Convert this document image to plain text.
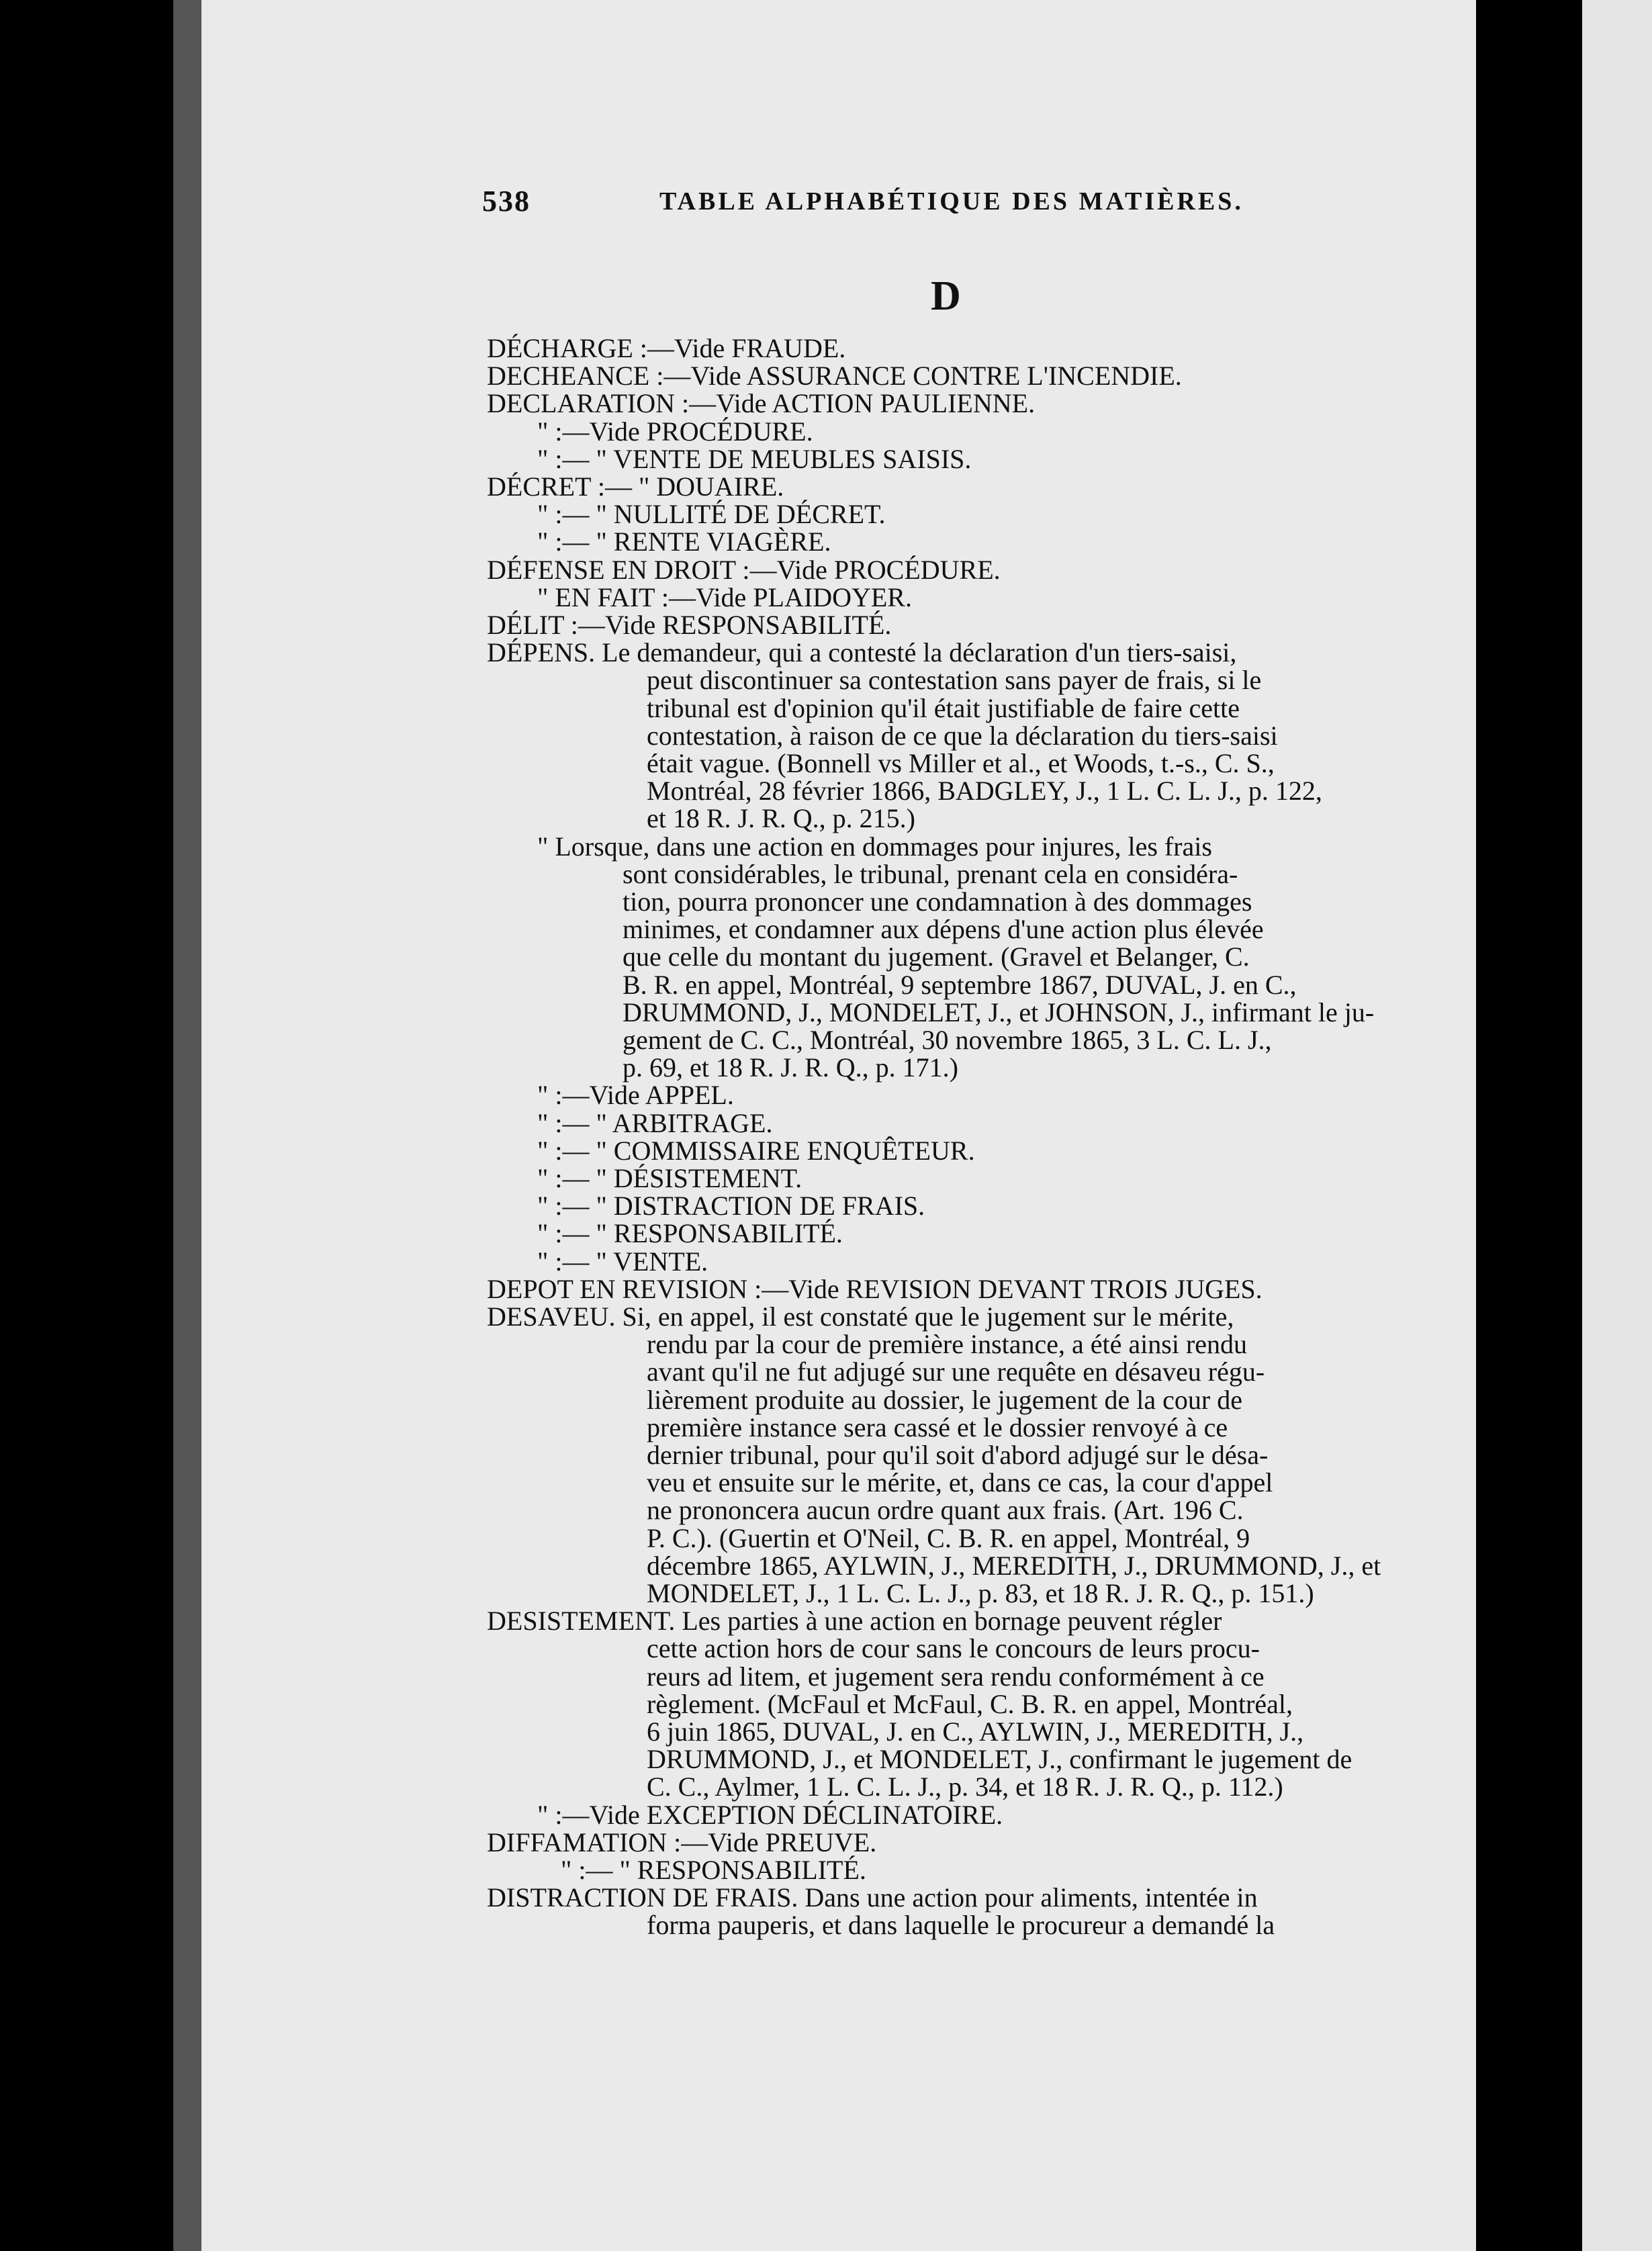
538	TABLE ALPHABÉTIQUE DES MATIÈRES.
D
DÉCHARGE :—Vide FRAUDE.
DECHEANCE :—Vide ASSURANCE CONTRE L'INCENDIE.
DECLARATION :—Vide ACTION PAULIENNE.
" :—Vide PROCÉDURE.
" :— " VENTE DE MEUBLES SAISIS.
DÉCRET :— " DOUAIRE.
" :— " NULLITÉ DE DÉCRET.
" :— " RENTE VIAGÈRE.
DÉFENSE EN DROIT :—Vide PROCÉDURE.
" EN FAIT :—Vide PLAIDOYER.
DÉLIT :—Vide RESPONSABILITÉ.
DÉPENS. Le demandeur, qui a contesté la déclaration d'un tiers-saisi,
peut discontinuer sa contestation sans payer de frais, si le
tribunal est d'opinion qu'il était justifiable de faire cette
contestation, à raison de ce que la déclaration du tiers-saisi
était vague. (Bonnell vs Miller et al., et Woods, t.-s., C. S.,
Montréal, 28 février 1866, BADGLEY, J., 1 L. C. L. J., p. 122,
et 18 R. J. R. Q., p. 215.)
" Lorsque, dans une action en dommages pour injures, les frais
sont considérables, le tribunal, prenant cela en considéra-
tion, pourra prononcer une condamnation à des dommages
minimes, et condamner aux dépens d'une action plus élevée
que celle du montant du jugement. (Gravel et Belanger, C.
B. R. en appel, Montréal, 9 septembre 1867, DUVAL, J. en C.,
DRUMMOND, J., MONDELET, J., et JOHNSON, J., infirmant le ju-
gement de C. C., Montréal, 30 novembre 1865, 3 L. C. L. J.,
p. 69, et 18 R. J. R. Q., p. 171.)
" :—Vide APPEL.
" :— " ARBITRAGE.
" :— " COMMISSAIRE ENQUÊTEUR.
" :— " DÉSISTEMENT.
" :— " DISTRACTION DE FRAIS.
" :— " RESPONSABILITÉ.
" :— " VENTE.
DEPOT EN REVISION :—Vide REVISION DEVANT TROIS JUGES.
DESAVEU. Si, en appel, il est constaté que le jugement sur le mérite,
rendu par la cour de première instance, a été ainsi rendu
avant qu'il ne fut adjugé sur une requête en désaveu régu-
lièrement produite au dossier, le jugement de la cour de
première instance sera cassé et le dossier renvoyé à ce
dernier tribunal, pour qu'il soit d'abord adjugé sur le désa-
veu et ensuite sur le mérite, et, dans ce cas, la cour d'appel
ne prononcera aucun ordre quant aux frais. (Art. 196 C.
P. C.). (Guertin et O'Neil, C. B. R. en appel, Montréal, 9
décembre 1865, AYLWIN, J., MEREDITH, J., DRUMMOND, J., et
MONDELET, J., 1 L. C. L. J., p. 83, et 18 R. J. R. Q., p. 151.)
DESISTEMENT. Les parties à une action en bornage peuvent régler
cette action hors de cour sans le concours de leurs procu-
reurs ad litem, et jugement sera rendu conformément à ce
règlement. (McFaul et McFaul, C. B. R. en appel, Montréal,
6 juin 1865, DUVAL, J. en C., AYLWIN, J., MEREDITH, J.,
DRUMMOND, J., et MONDELET, J., confirmant le jugement de
C. C., Aylmer, 1 L. C. L. J., p. 34, et 18 R. J. R. Q., p. 112.)
" :—Vide EXCEPTION DÉCLINATOIRE.
DIFFAMATION :—Vide PREUVE.
" :— " RESPONSABILITÉ.
DISTRACTION DE FRAIS. Dans une action pour aliments, intentée in
forma pauperis, et dans laquelle le procureur a demandé la
